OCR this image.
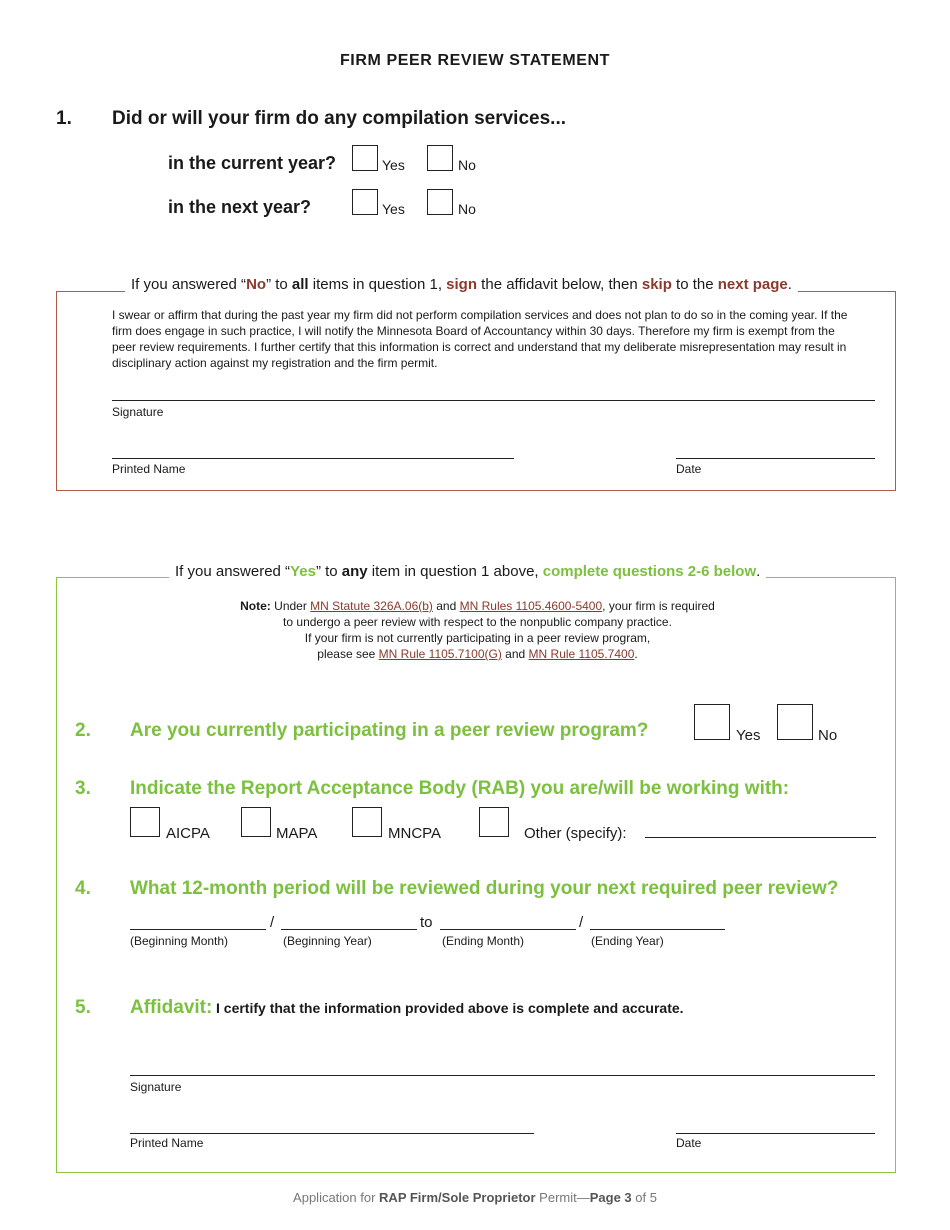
FIRM PEER REVIEW STATEMENT
1. Did or will your firm do any compilation services...
in the current year?	Yes	No
in the next year?	Yes	No
If you answered “No” to all items in question 1, sign the affidavit below, then skip to the next page.
I swear or affirm that during the past year my firm did not perform compilation services and does not plan to do so in the coming year. If the firm does engage in such practice, I will notify the Minnesota Board of Accountancy within 30 days. Therefore my firm is exempt from the peer review requirements. I further certify that this information is correct and understand that my deliberate misrepresentation may result in disciplinary action against my registration and the firm permit.
Signature
Printed Name	Date
If you answered “Yes” to any item in question 1 above, complete questions 2-6 below.
Note: Under MN Statute 326A.06(b) and MN Rules 1105.4600-5400, your firm is required
to undergo a peer review with respect to the nonpublic company practice.
If your firm is not currently participating in a peer review program,
please see MN Rule 1105.7100(G) and MN Rule 1105.7400.
2. Are you currently participating in a peer review program?	Yes	No
3. Indicate the Report Acceptance Body (RAB) you are/will be working with:
AICPA	MAPA	MNCPA	Other (specify):
4. What 12-month period will be reviewed during your next required peer review?
/	to	/
(Beginning Month)	(Beginning Year)	(Ending Month)	(Ending Year)
5. Affidavit: I certify that the information provided above is complete and accurate.
Signature
Printed Name	Date
Application for RAP Firm/Sole Proprietor Permit—Page 3 of 5
